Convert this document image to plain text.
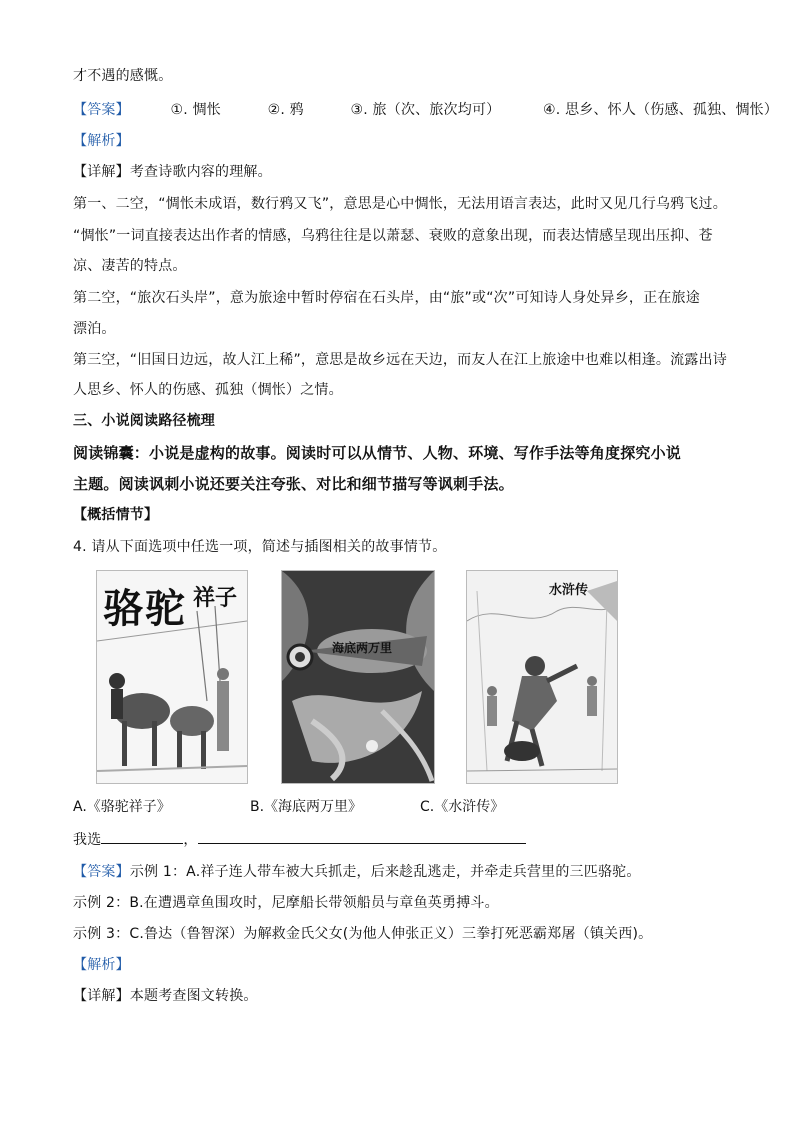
才不遇的感慨。
【答案】	①. 惆怅	②. 鸦	③. 旅（次、旅次均可）	④. 思乡、怀人（伤感、孤独、惆怅）
【解析】
【详解】考查诗歌内容的理解。
第一、二空，“惆怅未成语，数行鸦又飞”，意思是心中惆怅，无法用语言表达，此时又见几行乌鸦飞过。
“惆怅”一词直接表达出作者的情感，乌鸦往往是以萧瑟、衰败的意象出现，而表达情感呈现出压抑、苍
凉、凄苦的特点。
第二空，“旅次石头岸”，意为旅途中暂时停宿在石头岸，由“旅”或“次”可知诗人身处异乡，正在旅途
漂泊。
第三空，“旧国日边远，故人江上稀”，意思是故乡远在天边，而友人在江上旅途中也难以相逢。流露出诗
人思乡、怀人的伤感、孤独（惆怅）之情。
三、小说阅读路径梳理
阅读锦囊：小说是虚构的故事。阅读时可以从情节、人物、环境、写作手法等角度探究小说
主题。阅读讽刺小说还要关注夸张、对比和细节描写等讽刺手法。
【概括情节】
4. 请从下面选项中任选一项，简述与插图相关的故事情节。
骆驼 祥子
海底两万里
水浒传
A.《骆驼祥子》	B.《海底两万里》	C.《水浒传》
我选	，
【答案】示例 1：A.祥子连人带车被大兵抓走，后来趁乱逃走，并牵走兵营里的三匹骆驼。
示例 2：B.在遭遇章鱼围攻时，尼摩船长带领船员与章鱼英勇搏斗。
示例 3：C.鲁达（鲁智深）为解救金氏父女(为他人伸张正义）三拳打死恶霸郑屠（镇关西)。
【解析】
【详解】本题考查图文转换。
